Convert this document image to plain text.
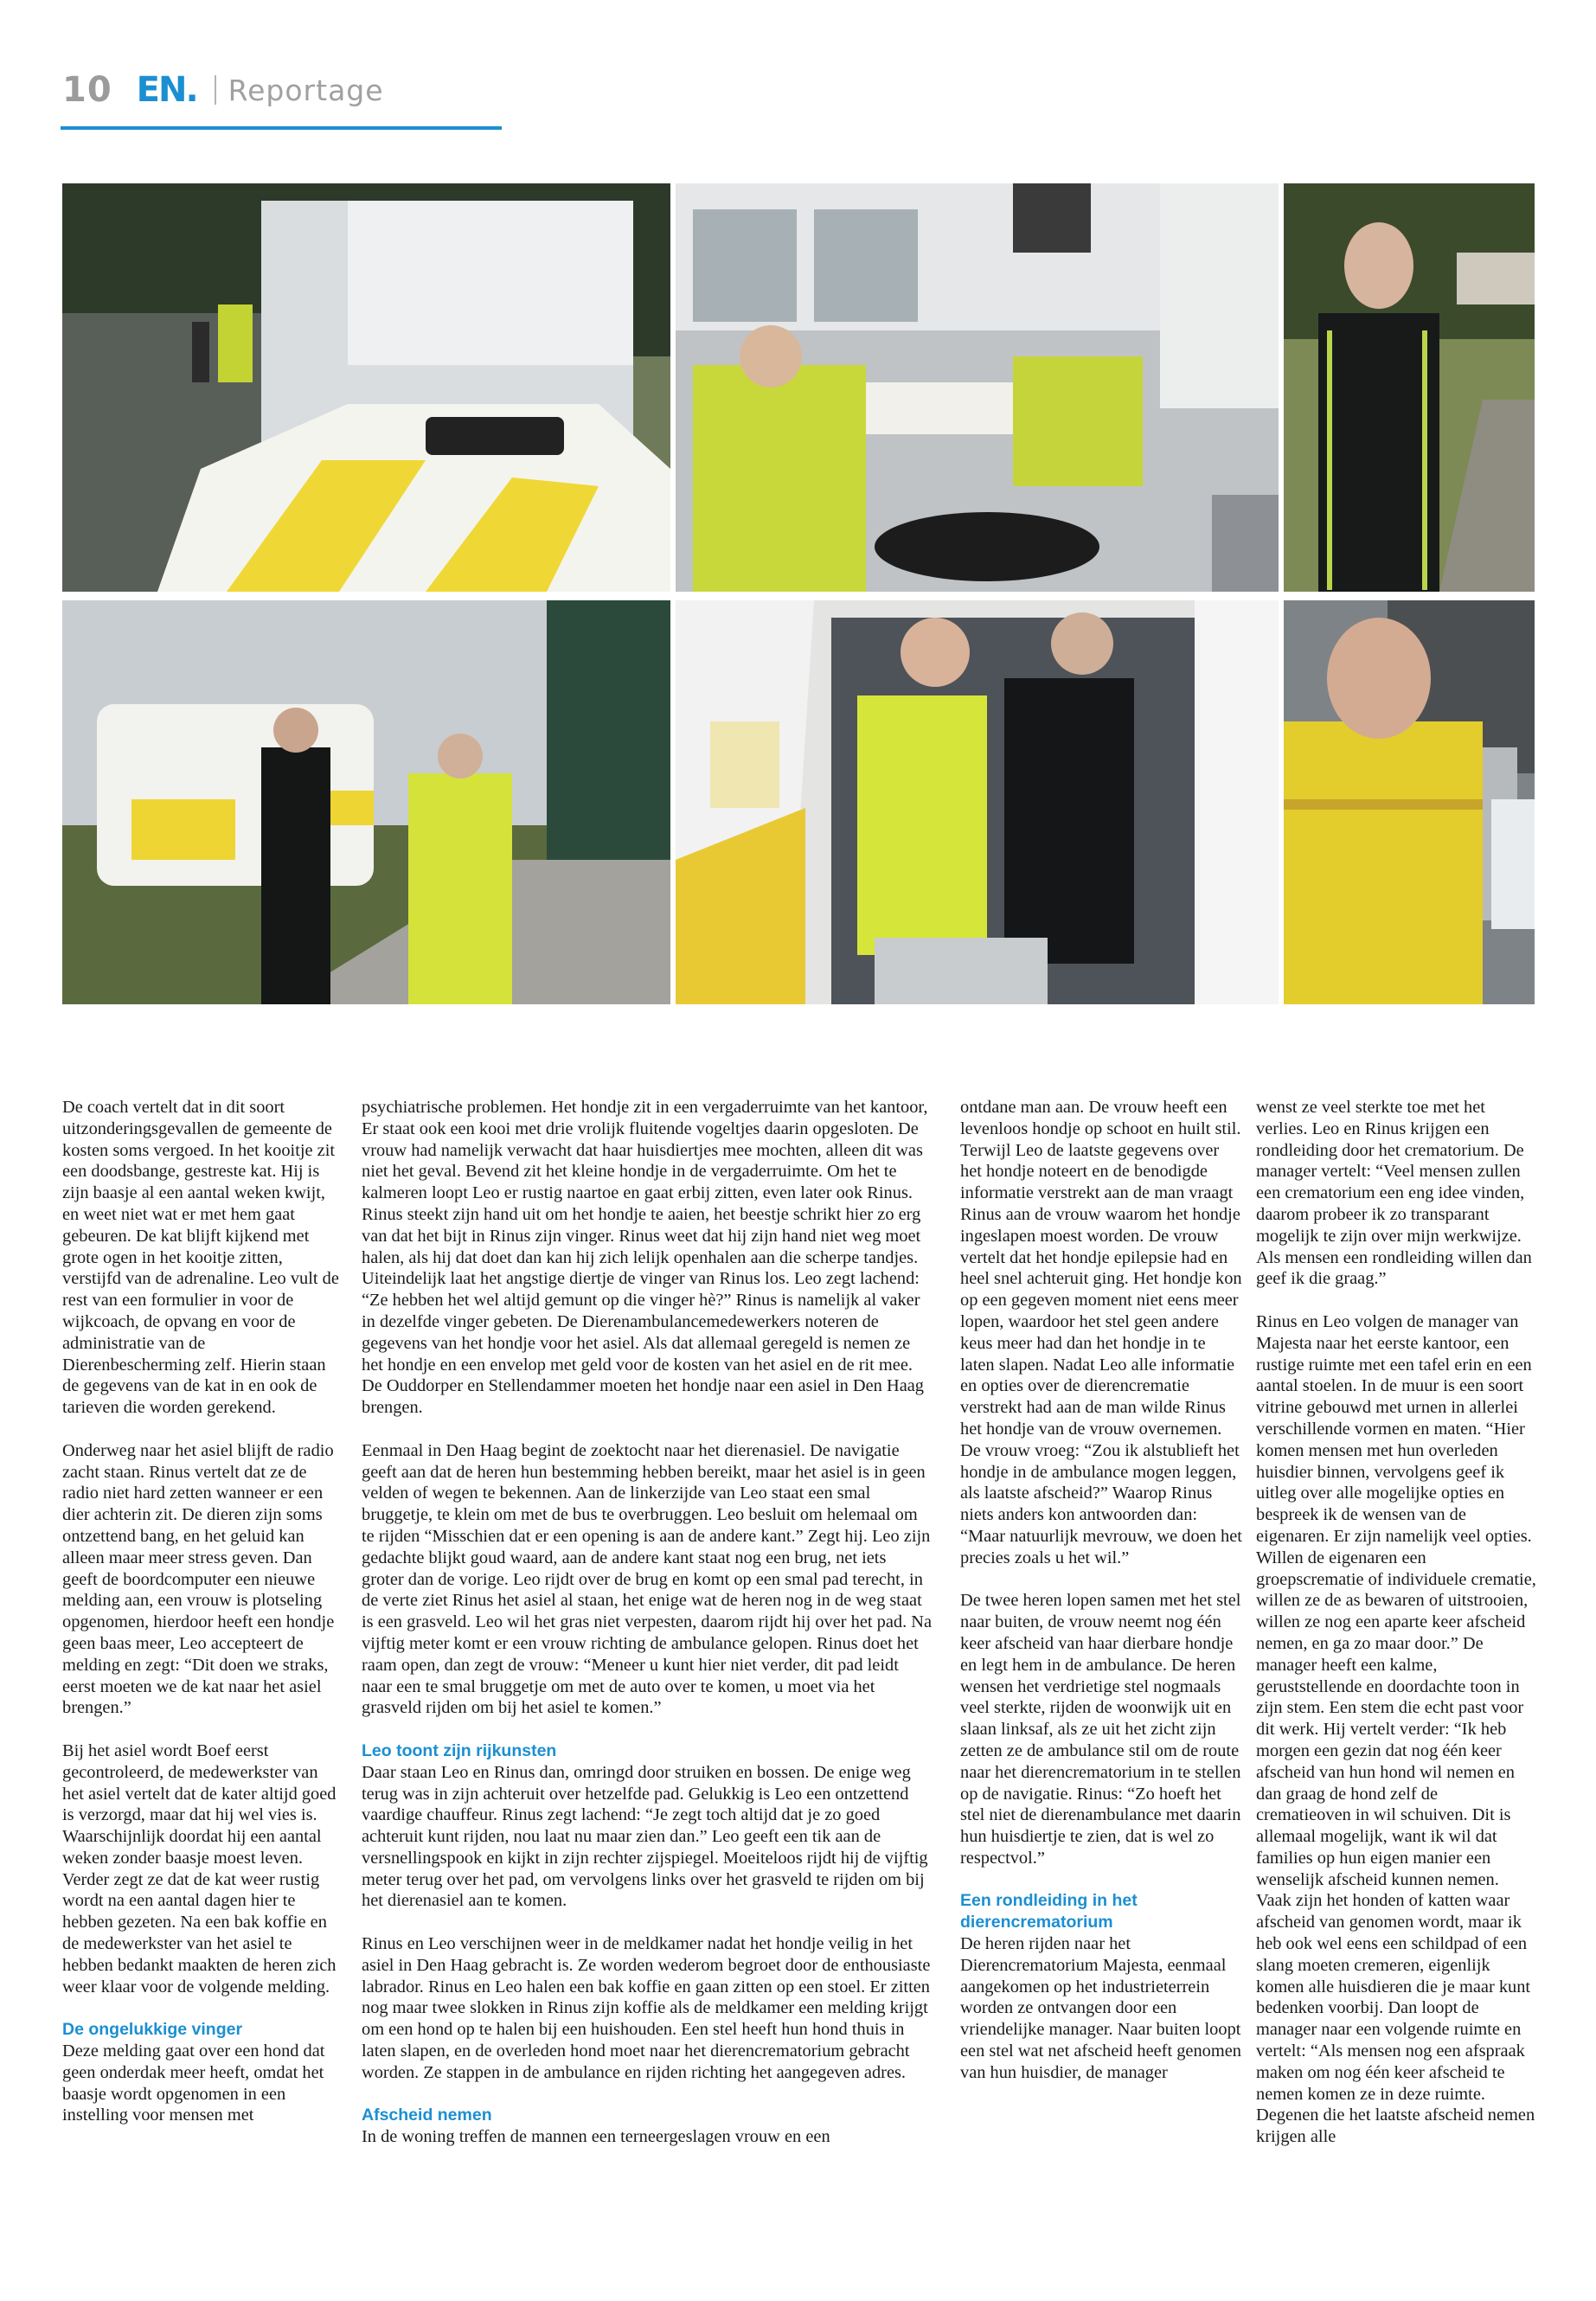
10 EN. Reportage

De coach vertelt dat in dit soort uitzonderingsgevallen de gemeente de kosten soms vergoed. In het kooitje zit een doodsbange, gestreste kat. Hij is zijn baasje al een aantal weken kwijt, en weet niet wat er met hem gaat gebeuren. De kat blijft kijkend met grote ogen in het kooitje zitten, verstijfd van de adrenaline. Leo vult de rest van een formulier in voor de wijkcoach, de opvang en voor de administratie van de Dierenbescherming zelf. Hierin staan de gegevens van de kat in en ook de tarieven die worden gerekend.

Onderweg naar het asiel blijft de radio zacht staan. Rinus vertelt dat ze de radio niet hard zetten wanneer er een dier achterin zit. De dieren zijn soms ontzettend bang, en het geluid kan alleen maar meer stress geven. Dan geeft de boordcomputer een nieuwe melding aan, een vrouw is plotseling opgenomen, hierdoor heeft een hondje geen baas meer, Leo accepteert de melding en zegt: “Dit doen we straks, eerst moeten we de kat naar het asiel brengen.”

Bij het asiel wordt Boef eerst gecontroleerd, de medewerkster van het asiel vertelt dat de kater altijd goed is verzorgd, maar dat hij wel vies is. Waarschijnlijk doordat hij een aantal weken zonder baasje moest leven. Verder zegt ze dat de kat weer rustig wordt na een aantal dagen hier te hebben gezeten. Na een bak koffie en de medewerkster van het asiel te hebben bedankt maakten de heren zich weer klaar voor de volgende melding.

De ongelukkige vinger

Deze melding gaat over een hond dat geen onderdak meer heeft, omdat het baasje wordt opgenomen in een instelling voor mensen met

psychiatrische problemen. Het hondje zit in een vergaderruimte van het kantoor, Er staat ook een kooi met drie vrolijk fluitende vogeltjes daarin opgesloten. De vrouw had namelijk verwacht dat haar huisdiertjes mee mochten, alleen dit was niet het geval. Bevend zit het kleine hondje in de vergaderruimte. Om het te kalmeren loopt Leo er rustig naartoe en gaat erbij zitten, even later ook Rinus. Rinus steekt zijn hand uit om het hondje te aaien, het beestje schrikt hier zo erg van dat het bijt in Rinus zijn vinger. Rinus weet dat hij zijn hand niet weg moet halen, als hij dat doet dan kan hij zich lelijk openhalen aan die scherpe tandjes. Uiteindelijk laat het angstige diertje de vinger van Rinus los. Leo zegt lachend: “Ze hebben het wel altijd gemunt op die vinger hè?” Rinus is namelijk al vaker in dezelfde vinger gebeten. De Dierenambulancemedewerkers noteren de gegevens van het hondje voor het asiel. Als dat allemaal geregeld is nemen ze het hondje en een envelop met geld voor de kosten van het asiel en de rit mee. De Ouddorper en Stellendammer moeten het hondje naar een asiel in Den Haag brengen.

Eenmaal in Den Haag begint de zoektocht naar het dierenasiel. De navigatie geeft aan dat de heren hun bestemming hebben bereikt, maar het asiel is in geen velden of wegen te bekennen. Aan de linkerzijde van Leo staat een smal bruggetje, te klein om met de bus te overbruggen. Leo besluit om helemaal om te rijden “Misschien dat er een opening is aan de andere kant.” Zegt hij. Leo zijn gedachte blijkt goud waard, aan de andere kant staat nog een brug, net iets groter dan de vorige. Leo rijdt over de brug en komt op een smal pad terecht, in de verte ziet Rinus het asiel al staan, het enige wat de heren nog in de weg staat is een grasveld. Leo wil het gras niet verpesten, daarom rijdt hij over het pad. Na vijftig meter komt er een vrouw richting de ambulance gelopen. Rinus doet het raam open, dan zegt de vrouw: “Meneer u kunt hier niet verder, dit pad leidt naar een te smal bruggetje om met de auto over te komen, u moet via het grasveld rijden om bij het asiel te komen.”

Leo toont zijn rijkunsten

Daar staan Leo en Rinus dan, omringd door struiken en bossen. De enige weg terug was in zijn achteruit over hetzelfde pad. Gelukkig is Leo een ontzettend vaardige chauffeur. Rinus zegt lachend: “Je zegt toch altijd dat je zo goed achteruit kunt rijden, nou laat nu maar zien dan.” Leo geeft een tik aan de versnellingspook en kijkt in zijn rechter zijspiegel. Moeiteloos rijdt hij de vijftig meter terug over het pad, om vervolgens links over het grasveld te rijden om bij het dierenasiel aan te komen.

Rinus en Leo verschijnen weer in de meldkamer nadat het hondje veilig in het asiel in Den Haag gebracht is. Ze worden wederom begroet door de enthousiaste labrador. Rinus en Leo halen een bak koffie en gaan zitten op een stoel. Er zitten nog maar twee slokken in Rinus zijn koffie als de meldkamer een melding krijgt om een hond op te halen bij een huishouden. Een stel heeft hun hond thuis in laten slapen, en de overleden hond moet naar het dierencrematorium gebracht worden. Ze stappen in de ambulance en rijden richting het aangegeven adres.

Afscheid nemen

In de woning treffen de mannen een terneergeslagen vrouw en een

ontdane man aan. De vrouw heeft een levenloos hondje op schoot en huilt stil. Terwijl Leo de laatste gegevens over het hondje noteert en de benodigde informatie verstrekt aan de man vraagt Rinus aan de vrouw waarom het hondje ingeslapen moest worden. De vrouw vertelt dat het hondje epilepsie had en heel snel achteruit ging. Het hondje kon op een gegeven moment niet eens meer lopen, waardoor het stel geen andere keus meer had dan het hondje in te laten slapen. Nadat Leo alle informatie en opties over de dierencrematie verstrekt had aan de man wilde Rinus het hondje van de vrouw overnemen. De vrouw vroeg: “Zou ik alstublieft het hondje in de ambulance mogen leggen, als laatste afscheid?” Waarop Rinus niets anders kon antwoorden dan: “Maar natuurlijk mevrouw, we doen het precies zoals u het wil.”

De twee heren lopen samen met het stel naar buiten, de vrouw neemt nog één keer afscheid van haar dierbare hondje en legt hem in de ambulance. De heren wensen het verdrietige stel nogmaals veel sterkte, rijden de woonwijk uit en slaan linksaf, als ze uit het zicht zijn zetten ze de ambulance stil om de route naar het dierencrematorium in te stellen op de navigatie. Rinus: “Zo hoeft het stel niet de dierenambulance met daarin hun huisdiertje te zien, dat is wel zo respectvol.”

Een rondleiding in het dierencrematorium

De heren rijden naar het Dierencrematorium Majesta, eenmaal aangekomen op het industrieterrein worden ze ontvangen door een vriendelijke manager. Naar buiten loopt een stel wat net afscheid heeft genomen van hun huisdier, de manager

wenst ze veel sterkte toe met het verlies. Leo en Rinus krijgen een rondleiding door het crematorium. De manager vertelt: “Veel mensen zullen een crematorium een eng idee vinden, daarom probeer ik zo transparant mogelijk te zijn over mijn werkwijze. Als mensen een rondleiding willen dan geef ik die graag.”

Rinus en Leo volgen de manager van Majesta naar het eerste kantoor, een rustige ruimte met een tafel erin en een aantal stoelen. In de muur is een soort vitrine gebouwd met urnen in allerlei verschillende vormen en maten. “Hier komen mensen met hun overleden huisdier binnen, vervolgens geef ik uitleg over alle mogelijke opties en bespreek ik de wensen van de eigenaren. Er zijn namelijk veel opties. Willen de eigenaren een groepscrematie of individuele crematie, willen ze de as bewaren of uitstrooien, willen ze nog een aparte keer afscheid nemen, en ga zo maar door.” De manager heeft een kalme, geruststellende en doordachte toon in zijn stem. Een stem die echt past voor dit werk. Hij vertelt verder: “Ik heb morgen een gezin dat nog één keer afscheid van hun hond wil nemen en dan graag de hond zelf de crematieoven in wil schuiven. Dit is allemaal mogelijk, want ik wil dat families op hun eigen manier een wenselijk afscheid kunnen nemen. Vaak zijn het honden of katten waar afscheid van genomen wordt, maar ik heb ook wel eens een schildpad of een slang moeten cremeren, eigenlijk komen alle huisdieren die je maar kunt bedenken voorbij. Dan loopt de manager naar een volgende ruimte en vertelt: “Als mensen nog een afspraak maken om nog één keer afscheid te nemen komen ze in deze ruimte. Degenen die het laatste afscheid nemen krijgen alle
